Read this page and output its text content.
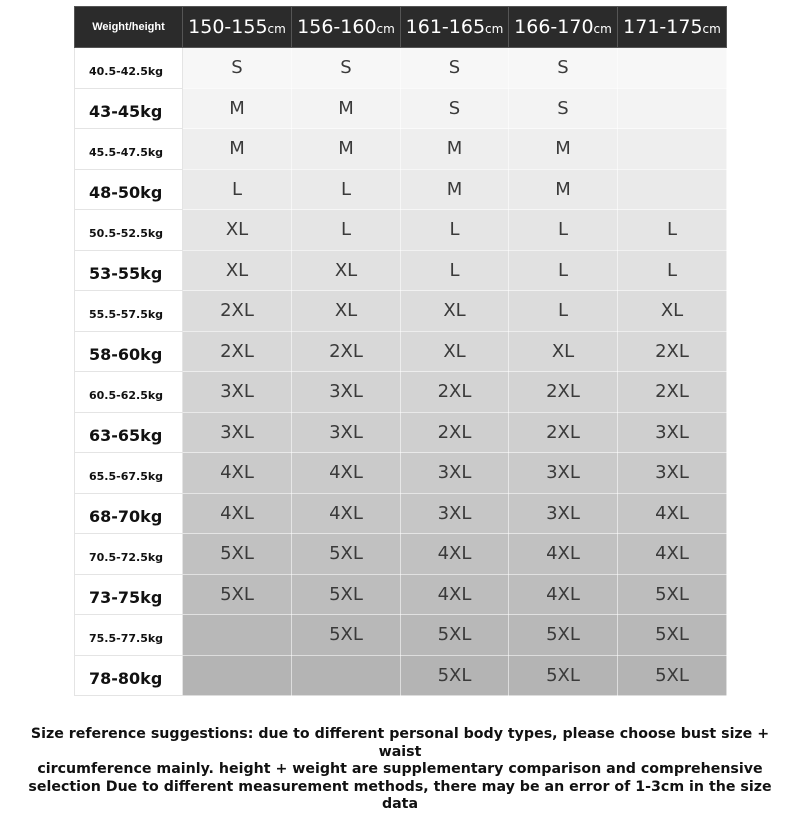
Weight/height	150-155cm	156-160cm	161-165cm	166-170cm	171-175cm
40.5-42.5kg	S	S	S	S	
43-45kg	M	M	S	S	
45.5-47.5kg	M	M	M	M	
48-50kg	L	L	M	M	
50.5-52.5kg	XL	L	L	L	L
53-55kg	XL	XL	L	L	L
55.5-57.5kg	2XL	XL	XL	L	XL
58-60kg	2XL	2XL	XL	XL	2XL
60.5-62.5kg	3XL	3XL	2XL	2XL	2XL
63-65kg	3XL	3XL	2XL	2XL	3XL
65.5-67.5kg	4XL	4XL	3XL	3XL	3XL
68-70kg	4XL	4XL	3XL	3XL	4XL
70.5-72.5kg	5XL	5XL	4XL	4XL	4XL
73-75kg	5XL	5XL	4XL	4XL	5XL
75.5-77.5kg		5XL	5XL	5XL	5XL
78-80kg			5XL	5XL	5XL

Size reference suggestions: due to different personal body types, please choose bust size + waist
circumference mainly. height + weight are supplementary comparison and comprehensive
selection Due to different measurement methods, there may be an error of 1-3cm in the size data
